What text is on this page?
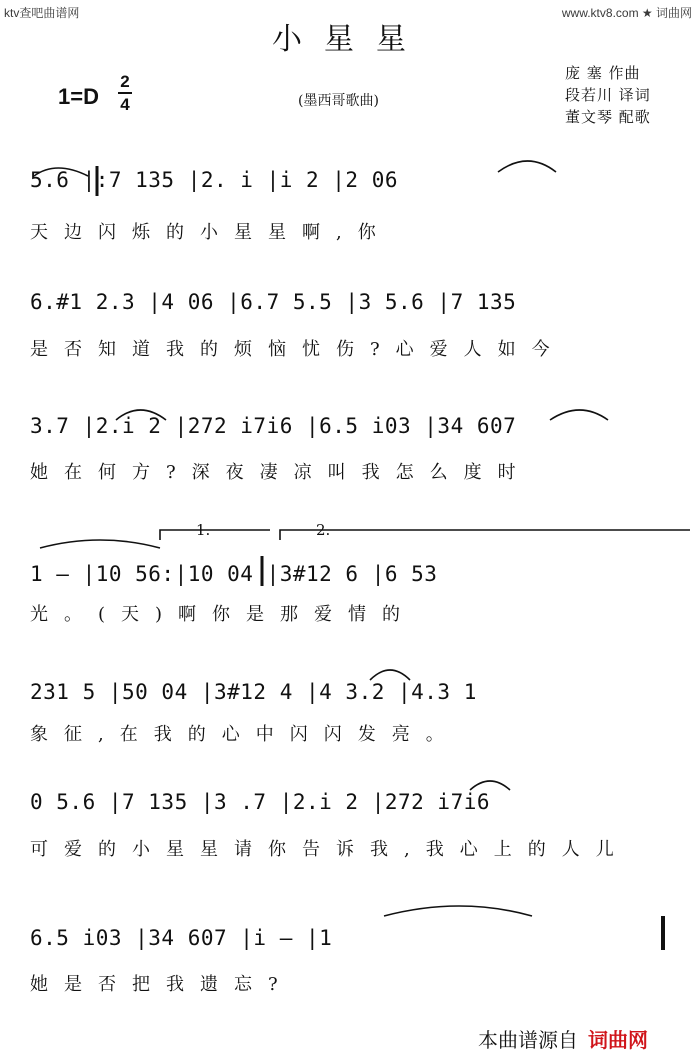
ktv查吧曲谱网	www.ktv8.com ★ 词曲网
小星星
1=D
2
4	(墨西哥歌曲)
庞 塞 作曲
段若川 译词
董文琴 配歌
5.6 |:7 135 |2. i |i 2 |2 06
天边闪烁的小星星啊,你
6.#1 2.3 |4 06 |6.7 5.5 |3 5.6 |7 135
是否知道我的烦恼忧伤?心爱人如今
3.7 |2.i 2 |272 i7i6 |6.5 i03 |34 607
她在何方?深夜凄凉叫我怎么度时
1.	2.
1 — |10 56:|10 04 |3#12 6 |6 53
光。(天)啊你是那爱情的
231 5 |50 04 |3#12 4 |4 3.2 |4.3 1
象征,在我的心中闪闪发亮。
0 5.6 |7 135 |3 .7 |2.i 2 |272 i7i6
可爱的小星星请你告诉我,我心上的人儿
6.5 i03 |34 607 |i — |1
她是否把我遗忘?
本曲谱源自 词曲网
